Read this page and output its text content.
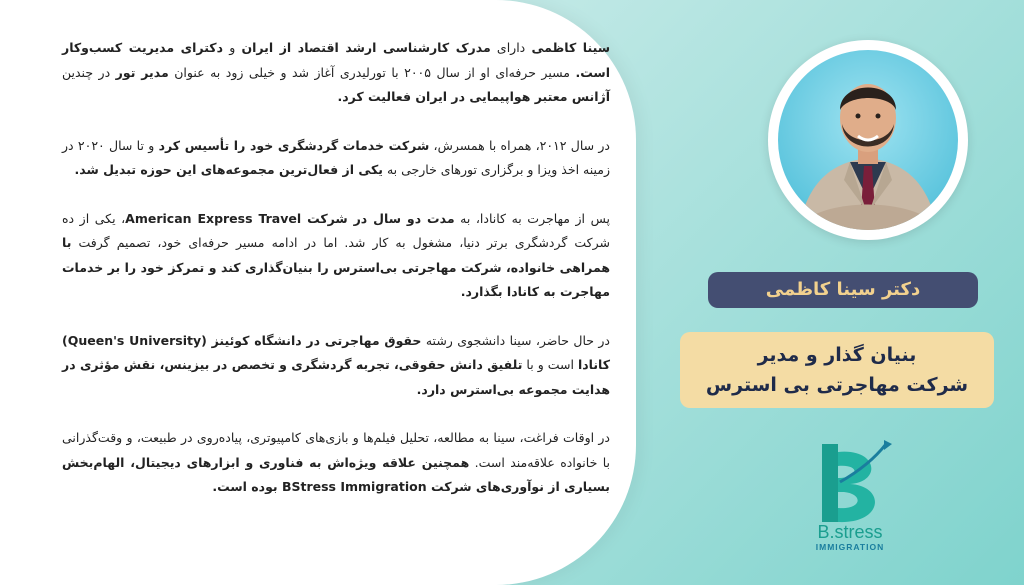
سینا کاظمی دارای مدرک کارشناسی ارشد اقتصاد از ایران و دکترای مدیریت کسب‌وکار است. مسیر حرفه‌ای او از سال ۲۰۰۵ با تورلیدری آغاز شد و خیلی زود به عنوان مدیر تور در چندین آژانس معتبر هواپیمایی در ایران فعالیت کرد.

در سال ۲۰۱۲، همراه با همسرش، شرکت خدمات گردشگری خود را تأسیس کرد و تا سال ۲۰۲۰ در زمینه اخذ ویزا و برگزاری تورهای خارجی به یکی از فعال‌ترین مجموعه‌های این حوزه تبدیل شد.

پس از مهاجرت به کانادا، به مدت دو سال در شرکت American Express Travel، یکی از ده شرکت گردشگری برتر دنیا، مشغول به کار شد. اما در ادامه مسیر حرفه‌ای خود، تصمیم گرفت با همراهی خانواده، شرکت مهاجرتی بی‌استرس را بنیان‌گذاری کند و تمرکز خود را بر خدمات مهاجرت به کانادا بگذارد.

در حال حاضر، سینا دانشجوی رشته حقوق مهاجرتی در دانشگاه کوئینز (Queen's University) کانادا است و با تلفیق دانش حقوقی، تجربه گردشگری و تخصص در بیزینس، نقش مؤثری در هدایت مجموعه بی‌استرس دارد.

در اوقات فراغت، سینا به مطالعه، تحلیل فیلم‌ها و بازی‌های کامپیوتری، پیاده‌روی در طبیعت، و وقت‌گذرانی با خانواده علاقه‌مند است. همچنین علاقه ویژه‌اش به فناوری و ابزارهای دیجیتال، الهام‌بخش بسیاری از نوآوری‌های شرکت BStress Immigration بوده است.

دکتر سینا کاظمی
بنیان گذار و مدیر
شرکت مهاجرتی بی استرس
B.stress
IMMIGRATION
